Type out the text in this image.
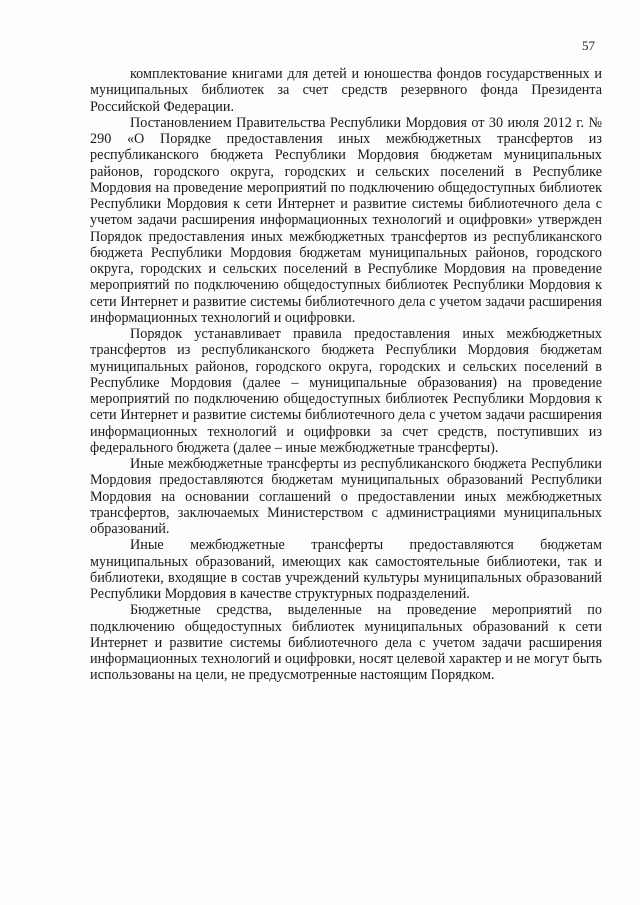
57

комплектование книгами для детей и юношества фондов государственных и муниципальных библиотек за счет средств резервного фонда Президента Российской Федерации.

Постановлением Правительства Республики Мордовия от 30 июля 2012 г. № 290 «О Порядке предоставления иных межбюджетных трансфертов из республиканского бюджета Республики Мордовия бюджетам муниципальных районов, городского округа, городских и сельских поселений в Республике Мордовия на проведение мероприятий по подключению общедоступных библиотек Республики Мордовия к сети Интернет и развитие системы библиотечного дела с учетом задачи расширения информационных технологий и оцифровки» утвержден Порядок предоставления иных межбюджетных трансфертов из республиканского бюджета Республики Мордовия бюджетам муниципальных районов, городского округа, городских и сельских поселений в Республике Мордовия на проведение мероприятий по подключению общедоступных библиотек Республики Мордовия к сети Интернет и развитие системы библиотечного дела с учетом задачи расширения информационных технологий и оцифровки.

Порядок устанавливает правила предоставления иных межбюджетных трансфертов из республиканского бюджета Республики Мордовия бюджетам муниципальных районов, городского округа, городских и сельских поселений в Республике Мордовия (далее – муниципальные образования) на проведение мероприятий по подключению общедоступных библиотек Республики Мордовия к сети Интернет и развитие системы библиотечного дела с учетом задачи расширения информационных технологий и оцифровки за счет средств, поступивших из федерального бюджета (далее – иные межбюджетные трансферты).

Иные межбюджетные трансферты из республиканского бюджета Республики Мордовия предоставляются бюджетам муниципальных образований Республики Мордовия на основании соглашений о предоставлении иных межбюджетных трансфертов, заключаемых Министерством с администрациями муниципальных образований.

Иные межбюджетные трансферты предоставляются бюджетам муниципальных образований, имеющих как самостоятельные библиотеки, так и библиотеки, входящие в состав учреждений культуры муниципальных образований Республики Мордовия в качестве структурных подразделений.

Бюджетные средства, выделенные на проведение мероприятий по подключению общедоступных библиотек муниципальных образований к сети Интернет и развитие системы библиотечного дела с учетом задачи расширения информационных технологий и оцифровки, носят целевой характер и не могут быть использованы на цели, не предусмотренные настоящим Порядком.
